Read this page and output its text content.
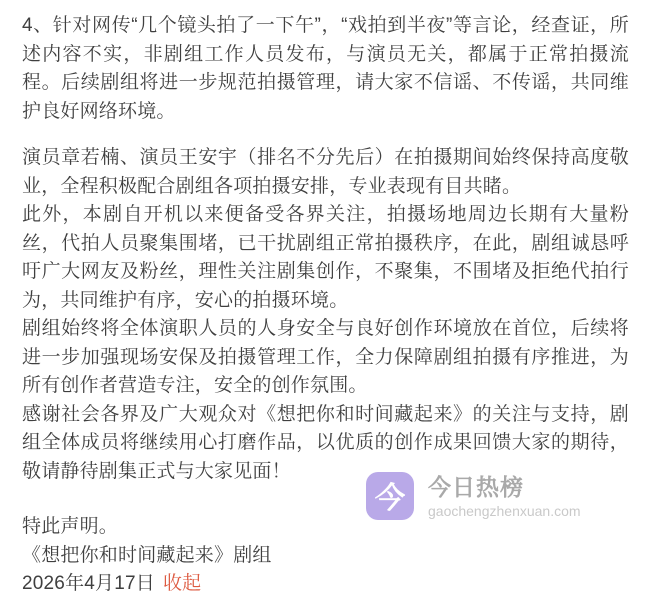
4、针对网传“几个镜头拍了一下午”，“戏拍到半夜”等言论，经查证，所述内容不实，非剧组工作人员发布，与演员无关，都属于正常拍摄流程。后续剧组将进一步规范拍摄管理，请大家不信谣、不传谣，共同维护良好网络环境。

演员章若楠、演员王安宇（排名不分先后）在拍摄期间始终保持高度敬业，全程积极配合剧组各项拍摄安排，专业表现有目共睹。

此外，本剧自开机以来便备受各界关注，拍摄场地周边长期有大量粉丝，代拍人员聚集围堵，已干扰剧组正常拍摄秩序，在此，剧组诚恳呼吁广大网友及粉丝，理性关注剧集创作，不聚集，不围堵及拒绝代拍行为，共同维护有序，安心的拍摄环境。

剧组始终将全体演职人员的人身安全与良好创作环境放在首位，后续将进一步加强现场安保及拍摄管理工作，全力保障剧组拍摄有序推进，为所有创作者营造专注，安全的创作氛围。

感谢社会各界及广大观众对《想把你和时间藏起来》的关注与支持，剧组全体成员将继续用心打磨作品，以优质的创作成果回馈大家的期待，敬请静待剧集正式与大家见面！

特此声明。

《想把你和时间藏起来》剧组

2026年4月17日 收起

今 今日热榜
gaochengzhenxuan.com
